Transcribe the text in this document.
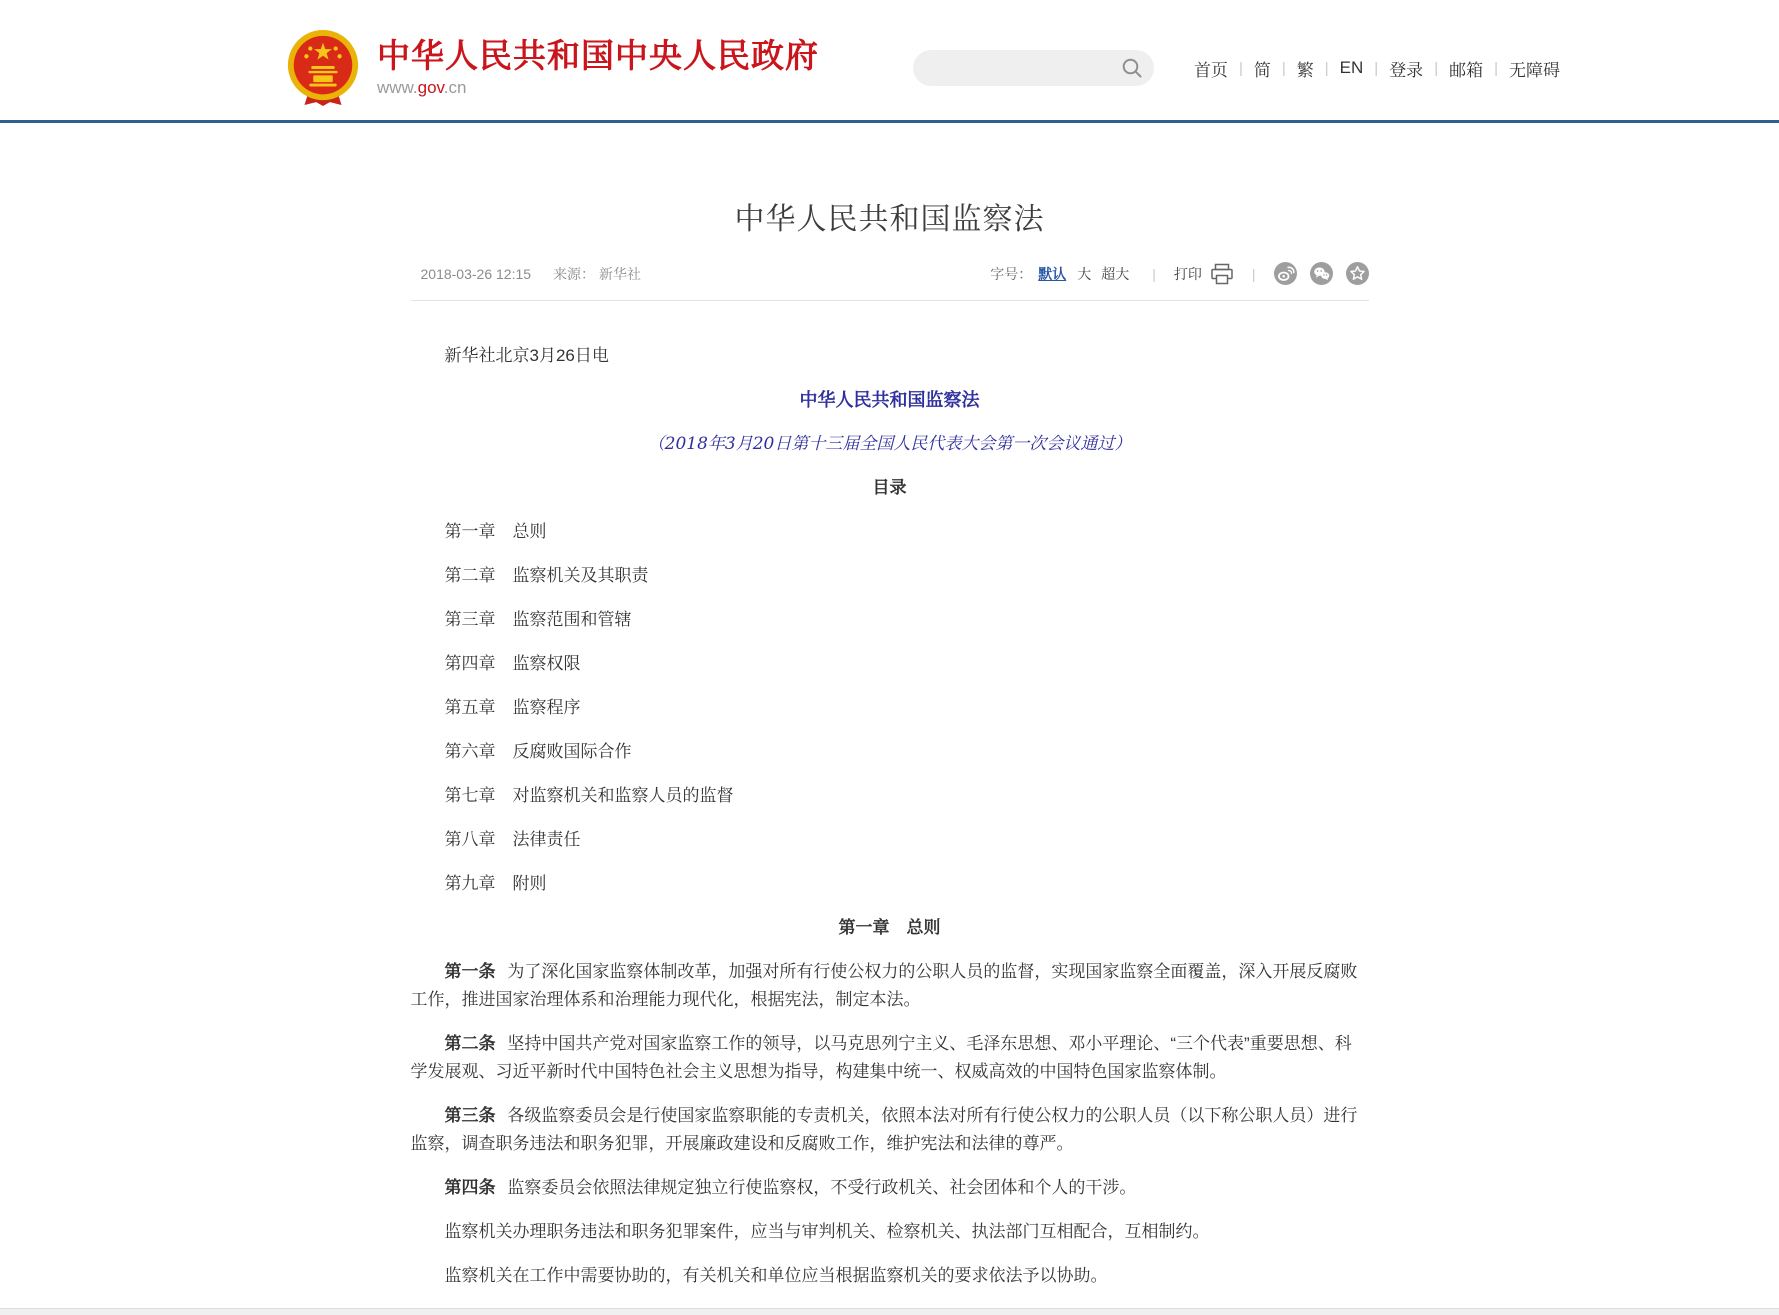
中华人民共和国中央人民政府
www.gov.cn
首页 | 简 | 繁 | EN | 登录 | 邮箱 | 无障碍
中华人民共和国监察法
2018-03-26 12:15 来源： 新华社	字号： 默认 大 超大 | 打印	|

新华社北京3月26日电

中华人民共和国监察法

（2018年3月20日第十三届全国人民代表大会第一次会议通过）

目录

第一章　总则

第二章　监察机关及其职责

第三章　监察范围和管辖

第四章　监察权限

第五章　监察程序

第六章　反腐败国际合作

第七章　对监察机关和监察人员的监督

第八章　法律责任

第九章　附则

第一章　总则

第一条 为了深化国家监察体制改革，加强对所有行使公权力的公职人员的监督，实现国家监察全面覆盖，深入开展反腐败工作，推进国家治理体系和治理能力现代化，根据宪法，制定本法。

第二条 坚持中国共产党对国家监察工作的领导，以马克思列宁主义、毛泽东思想、邓小平理论、“三个代表”重要思想、科学发展观、习近平新时代中国特色社会主义思想为指导，构建集中统一、权威高效的中国特色国家监察体制。

第三条 各级监察委员会是行使国家监察职能的专责机关，依照本法对所有行使公权力的公职人员（以下称公职人员）进行监察，调查职务违法和职务犯罪，开展廉政建设和反腐败工作，维护宪法和法律的尊严。

第四条 监察委员会依照法律规定独立行使监察权，不受行政机关、社会团体和个人的干涉。

监察机关办理职务违法和职务犯罪案件，应当与审判机关、检察机关、执法部门互相配合，互相制约。

监察机关在工作中需要协助的，有关机关和单位应当根据监察机关的要求依法予以协助。
